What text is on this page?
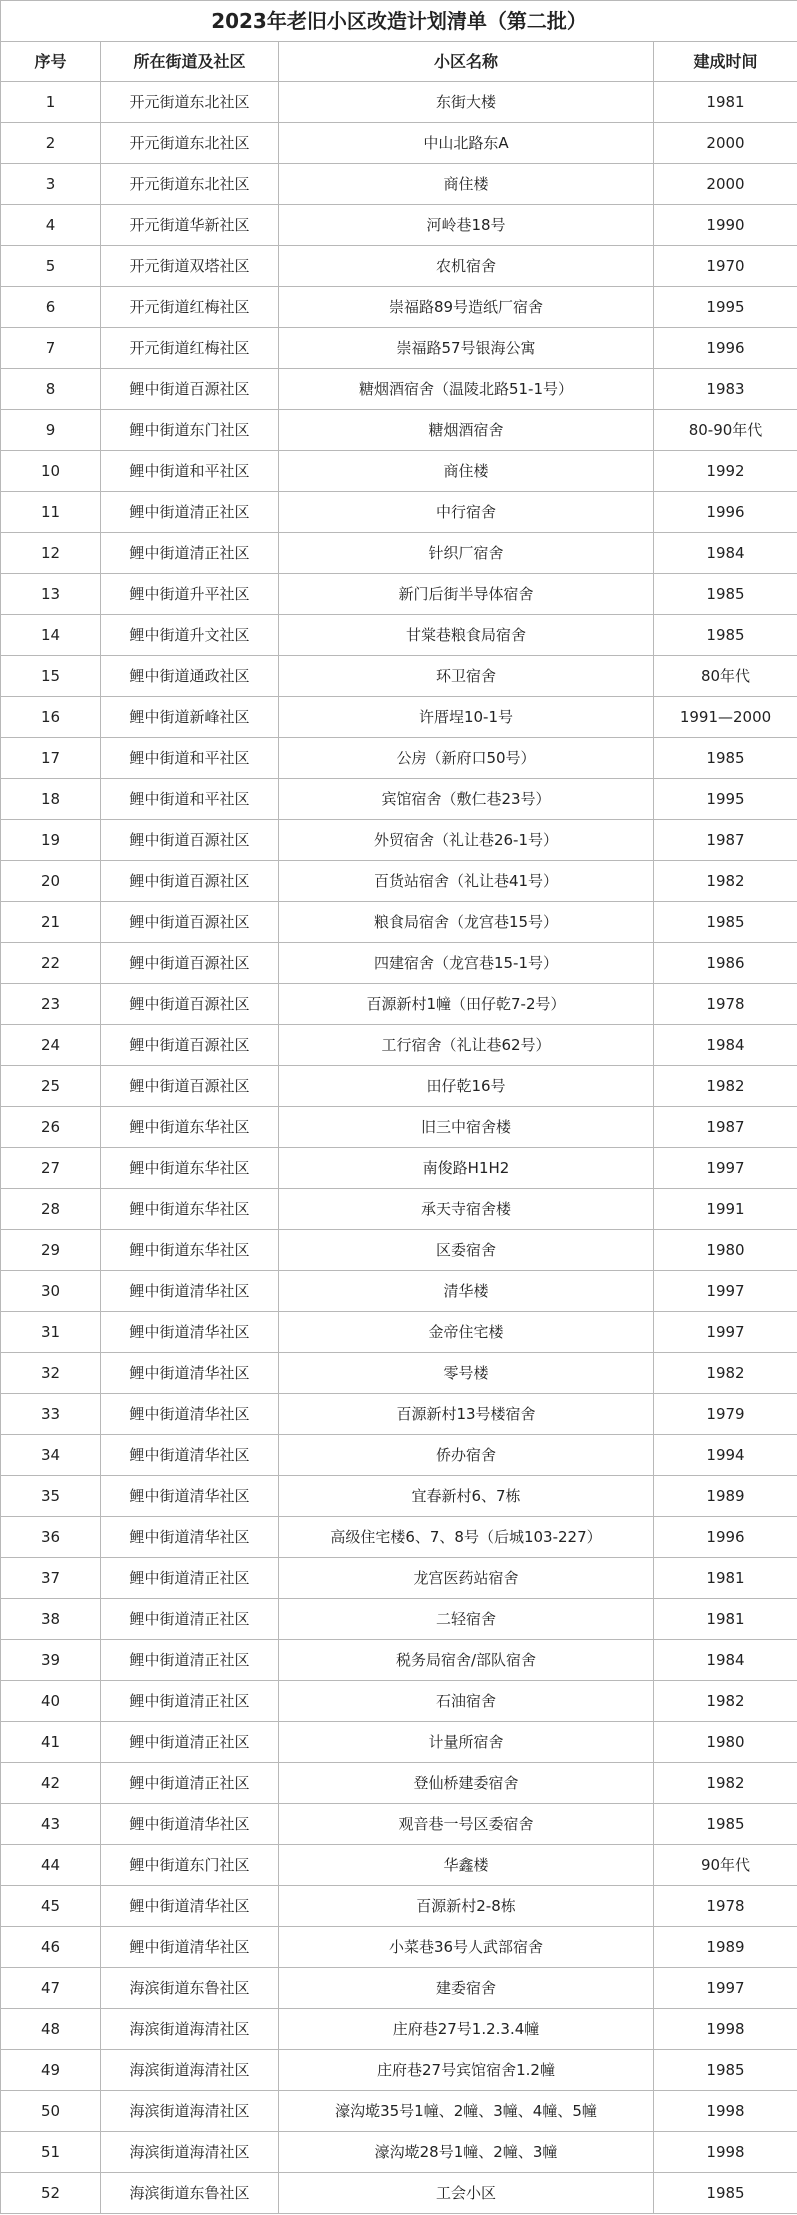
2023年老旧小区改造计划清单（第二批）			
序号	所在街道及社区	小区名称	建成时间
1	开元街道东北社区	东街大楼	1981
2	开元街道东北社区	中山北路东A	2000
3	开元街道东北社区	商住楼	2000
4	开元街道华新社区	河岭巷18号	1990
5	开元街道双塔社区	农机宿舍	1970
6	开元街道红梅社区	崇福路89号造纸厂宿舍	1995
7	开元街道红梅社区	崇福路57号银海公寓	1996
8	鲤中街道百源社区	糖烟酒宿舍（温陵北路51-1号）	1983
9	鲤中街道东门社区	糖烟酒宿舍	80-90年代
10	鲤中街道和平社区	商住楼	1992
11	鲤中街道清正社区	中行宿舍	1996
12	鲤中街道清正社区	针织厂宿舍	1984
13	鲤中街道升平社区	新门后街半导体宿舍	1985
14	鲤中街道升文社区	甘棠巷粮食局宿舍	1985
15	鲤中街道通政社区	环卫宿舍	80年代
16	鲤中街道新峰社区	许厝埕10-1号	1991—2000
17	鲤中街道和平社区	公房（新府口50号）	1985
18	鲤中街道和平社区	宾馆宿舍（敷仁巷23号）	1995
19	鲤中街道百源社区	外贸宿舍（礼让巷26-1号）	1987
20	鲤中街道百源社区	百货站宿舍（礼让巷41号）	1982
21	鲤中街道百源社区	粮食局宿舍（龙宫巷15号）	1985
22	鲤中街道百源社区	四建宿舍（龙宫巷15-1号）	1986
23	鲤中街道百源社区	百源新村1幢（田仔乾7-2号）	1978
24	鲤中街道百源社区	工行宿舍（礼让巷62号）	1984
25	鲤中街道百源社区	田仔乾16号	1982
26	鲤中街道东华社区	旧三中宿舍楼	1987
27	鲤中街道东华社区	南俊路H1H2	1997
28	鲤中街道东华社区	承天寺宿舍楼	1991
29	鲤中街道东华社区	区委宿舍	1980
30	鲤中街道清华社区	清华楼	1997
31	鲤中街道清华社区	金帝住宅楼	1997
32	鲤中街道清华社区	零号楼	1982
33	鲤中街道清华社区	百源新村13号楼宿舍	1979
34	鲤中街道清华社区	侨办宿舍	1994
35	鲤中街道清华社区	宜春新村6、7栋	1989
36	鲤中街道清华社区	高级住宅楼6、7、8号（后城103-227）	1996
37	鲤中街道清正社区	龙宫医药站宿舍	1981
38	鲤中街道清正社区	二轻宿舍	1981
39	鲤中街道清正社区	税务局宿舍/部队宿舍	1984
40	鲤中街道清正社区	石油宿舍	1982
41	鲤中街道清正社区	计量所宿舍	1980
42	鲤中街道清正社区	登仙桥建委宿舍	1982
43	鲤中街道清华社区	观音巷一号区委宿舍	1985
44	鲤中街道东门社区	华鑫楼	90年代
45	鲤中街道清华社区	百源新村2-8栋	1978
46	鲤中街道清华社区	小菜巷36号人武部宿舍	1989
47	海滨街道东鲁社区	建委宿舍	1997
48	海滨街道海清社区	庄府巷27号1.2.3.4幢	1998
49	海滨街道海清社区	庄府巷27号宾馆宿舍1.2幢	1985
50	海滨街道海清社区	濠沟墘35号1幢、2幢、3幢、4幢、5幢	1998
51	海滨街道海清社区	濠沟墘28号1幢、2幢、3幢	1998
52	海滨街道东鲁社区	工会小区	1985
